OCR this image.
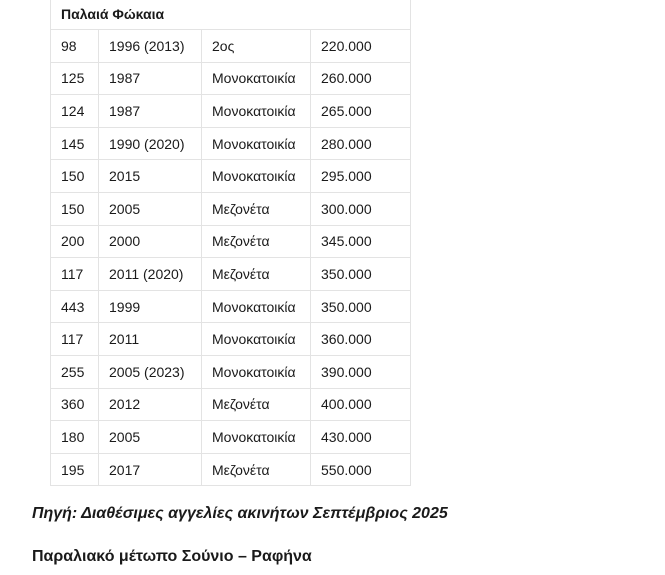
Παλαιά Φώκαια			
98	1996 (2013)	2ος	220.000
125	1987	Μονοκατοικία	260.000
124	1987	Μονοκατοικία	265.000
145	1990 (2020)	Μονοκατοικία	280.000
150	2015	Μονοκατοικία	295.000
150	2005	Μεζονέτα	300.000
200	2000	Μεζονέτα	345.000
117	2011 (2020)	Μεζονέτα	350.000
443	1999	Μονοκατοικία	350.000
117	2011	Μονοκατοικία	360.000
255	2005 (2023)	Μονοκατοικία	390.000
360	2012	Μεζονέτα	400.000
180	2005	Μονοκατοικία	430.000
195	2017	Μεζονέτα	550.000

Πηγή: Διαθέσιμες αγγελίες ακινήτων Σεπτέμβριος 2025

Παραλιακό μέτωπο Σούνιο – Ραφήνα
